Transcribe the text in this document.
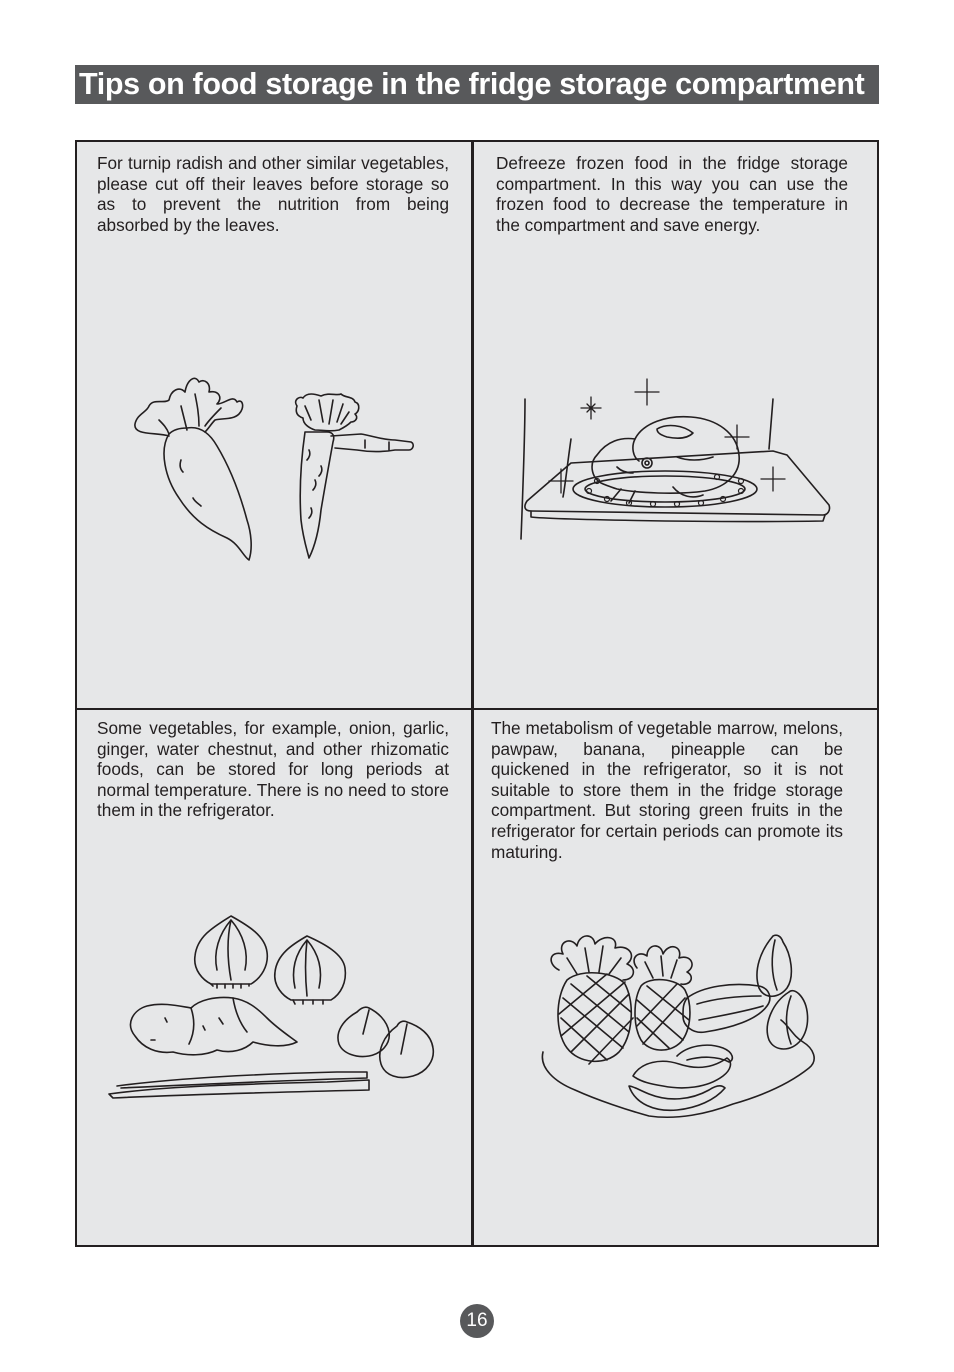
Tips on food storage in the fridge storage compartment

For turnip radish and other similar vegetables, please cut off their leaves before storage so as to prevent the nutrition from being absorbed by the leaves.

Defreeze frozen food in the fridge storage compartment. In this way you can use the frozen food to decrease the temperature in the compartment and save energy.

Some vegetables, for example, onion, garlic, ginger, water chestnut, and other rhizomatic foods, can be stored for long periods at normal temperature. There is no need to store them in the refrigerator.

The metabolism of vegetable marrow, melons, pawpaw, banana, pineapple can be quickened in the refrigerator, so it is not suitable to store them in the fridge storage compartment. But storing green fruits in the refrigerator for certain periods can promote its maturing.

16
